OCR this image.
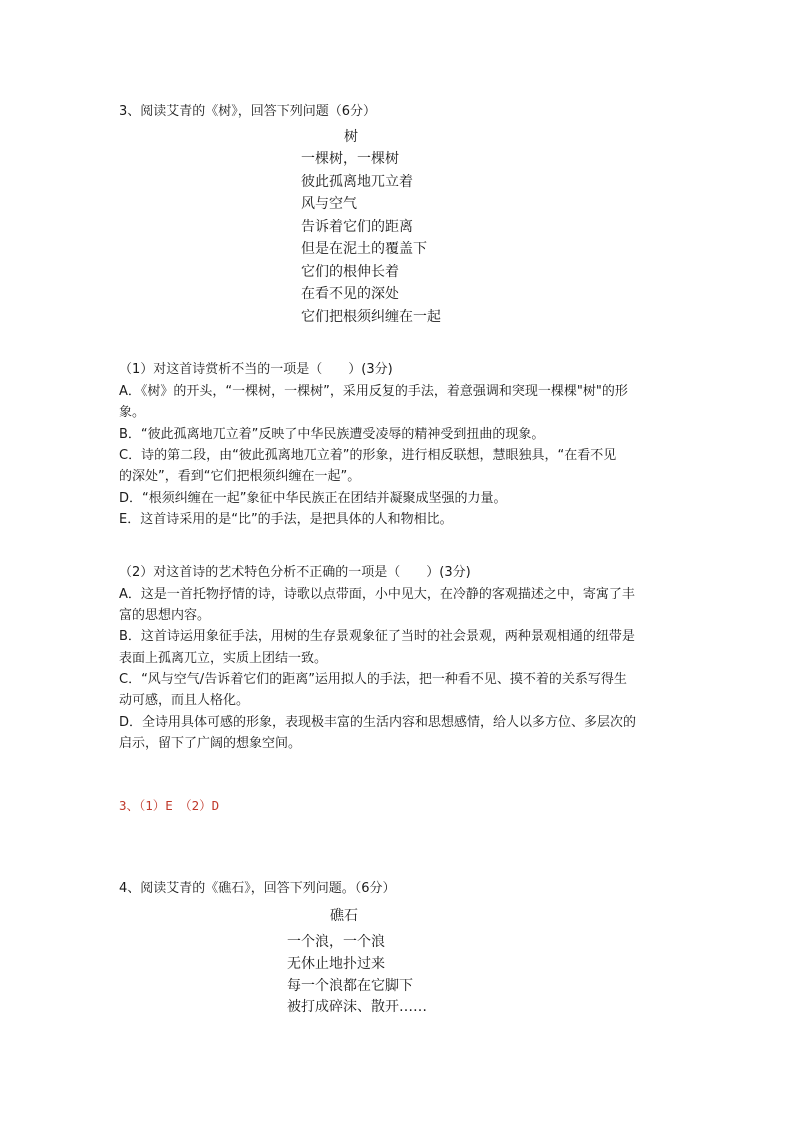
3、阅读艾青的《树》，回答下列问题（6分）
树
一棵树，一棵树
彼此孤离地兀立着
风与空气
告诉着它们的距离
但是在泥土的覆盖下
它们的根伸长着
在看不见的深处
它们把根须纠缠在一起
（1）对这首诗赏析不当的一项是（　　）(3分)
A．《树》的开头，“一棵树，一棵树”，采用反复的手法，着意强调和突现一棵棵"树"的形
象。
B．“彼此孤离地兀立着”反映了中华民族遭受凌辱的精神受到扭曲的现象。
C．诗的第二段，由“彼此孤离地兀立着”的形象，进行相反联想，慧眼独具，“在看不见
的深处”，看到“它们把根须纠缠在一起”。
D．“根须纠缠在一起”象征中华民族正在团结并凝聚成坚强的力量。
E．这首诗采用的是“比”的手法，是把具体的人和物相比。
（2）对这首诗的艺术特色分析不正确的一项是（　　）(3分)
A．这是一首托物抒情的诗，诗歌以点带面，小中见大，在冷静的客观描述之中，寄寓了丰
富的思想内容。
B．这首诗运用象征手法，用树的生存景观象征了当时的社会景观，两种景观相通的纽带是
表面上孤离兀立，实质上团结一致。
C．“风与空气/告诉着它们的距离”运用拟人的手法，把一种看不见、摸不着的关系写得生
动可感，而且人格化。
D．全诗用具体可感的形象，表现极丰富的生活内容和思想感情，给人以多方位、多层次的
启示，留下了广阔的想象空间。
3、（1）E　（2）D
4、阅读艾青的《礁石》，回答下列问题。（6分）
礁石
一个浪，一个浪
无休止地扑过来
每一个浪都在它脚下
被打成碎沫、散开……
